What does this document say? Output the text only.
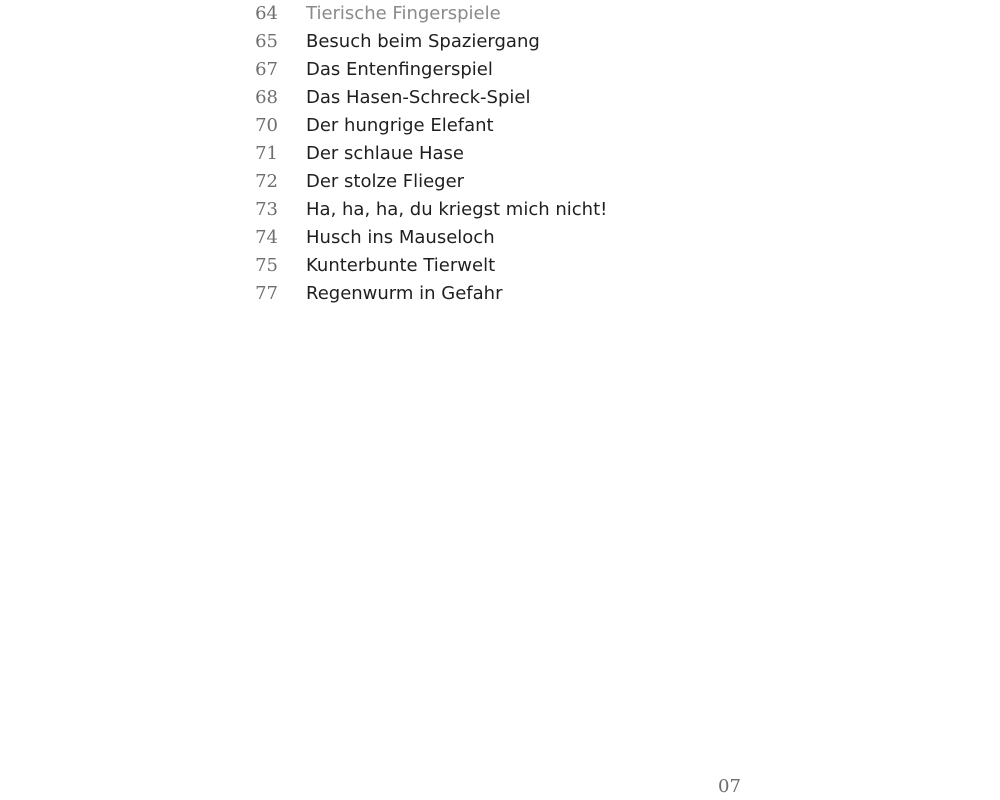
64 Tierische Fingerspiele
65 Besuch beim Spaziergang
67 Das Entenfingerspiel
68 Das Hasen-Schreck-Spiel
70 Der hungrige Elefant
71 Der schlaue Hase
72 Der stolze Flieger
73 Ha, ha, ha, du kriegst mich nicht!
74 Husch ins Mauseloch
75 Kunterbunte Tierwelt
77 Regenwurm in Gefahr
07
